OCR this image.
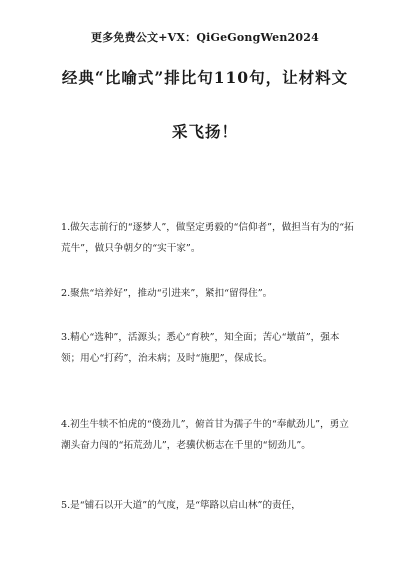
更多免费公文+VX：QiGeGongWen2024
经典“比喻式”排比句110句，让材料文
采飞扬！

1.做矢志前行的“逐梦人”，做坚定勇毅的“信仰者”，做担当有为的“拓荒牛”，做只争朝夕的“实干家”。

2.聚焦“培养好”，推动“引进来”，紧扣“留得住”。

3.精心“选种”，活源头；悉心“育秧”，知全面；苦心“墩苗”，强本领；用心“打药”，治未病；及时“施肥”，保成长。

4.初生牛犊不怕虎的“傻劲儿”，俯首甘为孺子牛的“奉献劲儿”，勇立潮头奋力闯的“拓荒劲儿”，老骥伏枥志在千里的“韧劲儿”。

5.是“铺石以开大道”的气度，是“筚路以启山林”的责任，
